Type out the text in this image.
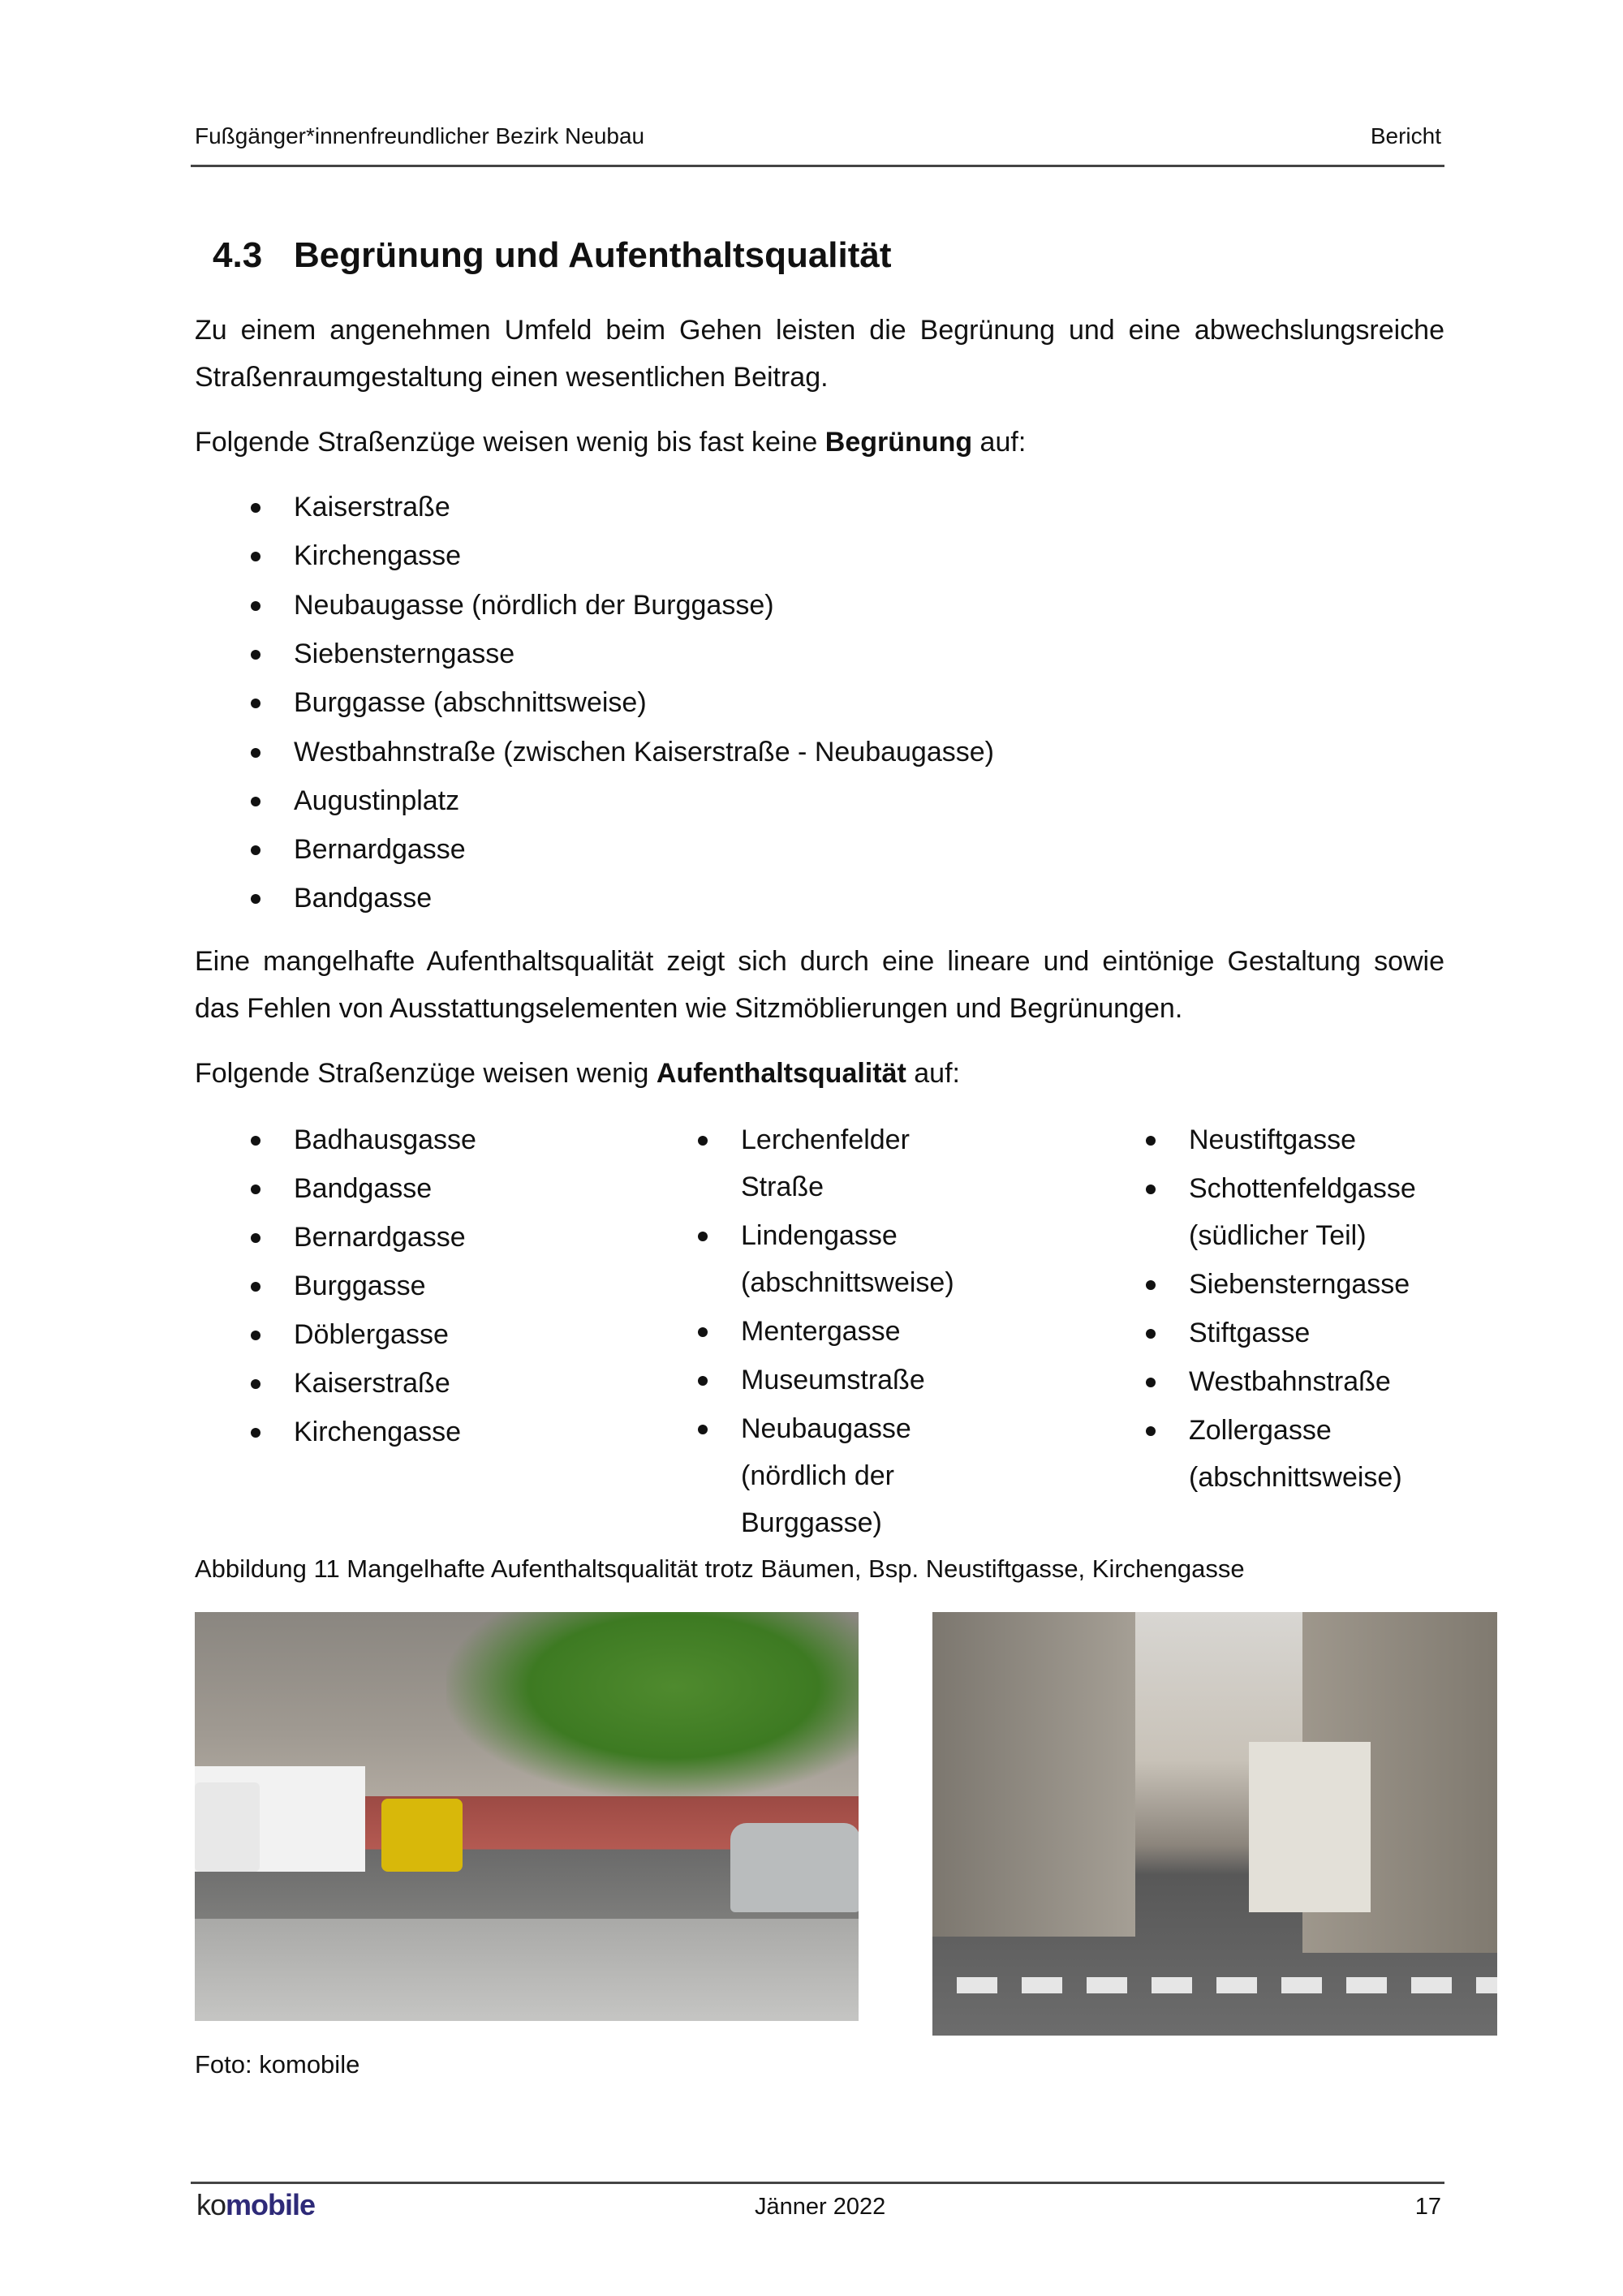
Fußgänger*innenfreundlicher Bezirk Neubau	Bericht
4.3 Begrünung und Aufenthaltsqualität
Zu einem angenehmen Umfeld beim Gehen leisten die Begrünung und eine abwechslungsreiche
Straßenraumgestaltung einen wesentlichen Beitrag.
Folgende Straßenzüge weisen wenig bis fast keine Begrünung auf:
Kaiserstraße
Kirchengasse
Neubaugasse (nördlich der Burggasse)
Siebensterngasse
Burggasse (abschnittsweise)
Westbahnstraße (zwischen Kaiserstraße - Neubaugasse)
Augustinplatz
Bernardgasse
Bandgasse
Eine mangelhafte Aufenthaltsqualität zeigt sich durch eine lineare und eintönige Gestaltung sowie
das Fehlen von Ausstattungselementen wie Sitzmöblierungen und Begrünungen.
Folgende Straßenzüge weisen wenig Aufenthaltsqualität auf:
Badhausgasse
Bandgasse
Bernardgasse
Burggasse
Döblergasse
Kaiserstraße
Kirchengasse
Lerchenfelder
Straße
Lindengasse
(abschnittsweise)
Mentergasse
Museumstraße
Neubaugasse
(nördlich der
Burggasse)
Neustiftgasse
Schottenfeldgasse
(südlicher Teil)
Siebensterngasse
Stiftgasse
Westbahnstraße
Zollergasse
(abschnittsweise)
Abbildung 11 Mangelhafte Aufenthaltsqualität trotz Bäumen, Bsp. Neustiftgasse, Kirchengasse
Foto: komobile
komobile	Jänner 2022	17
